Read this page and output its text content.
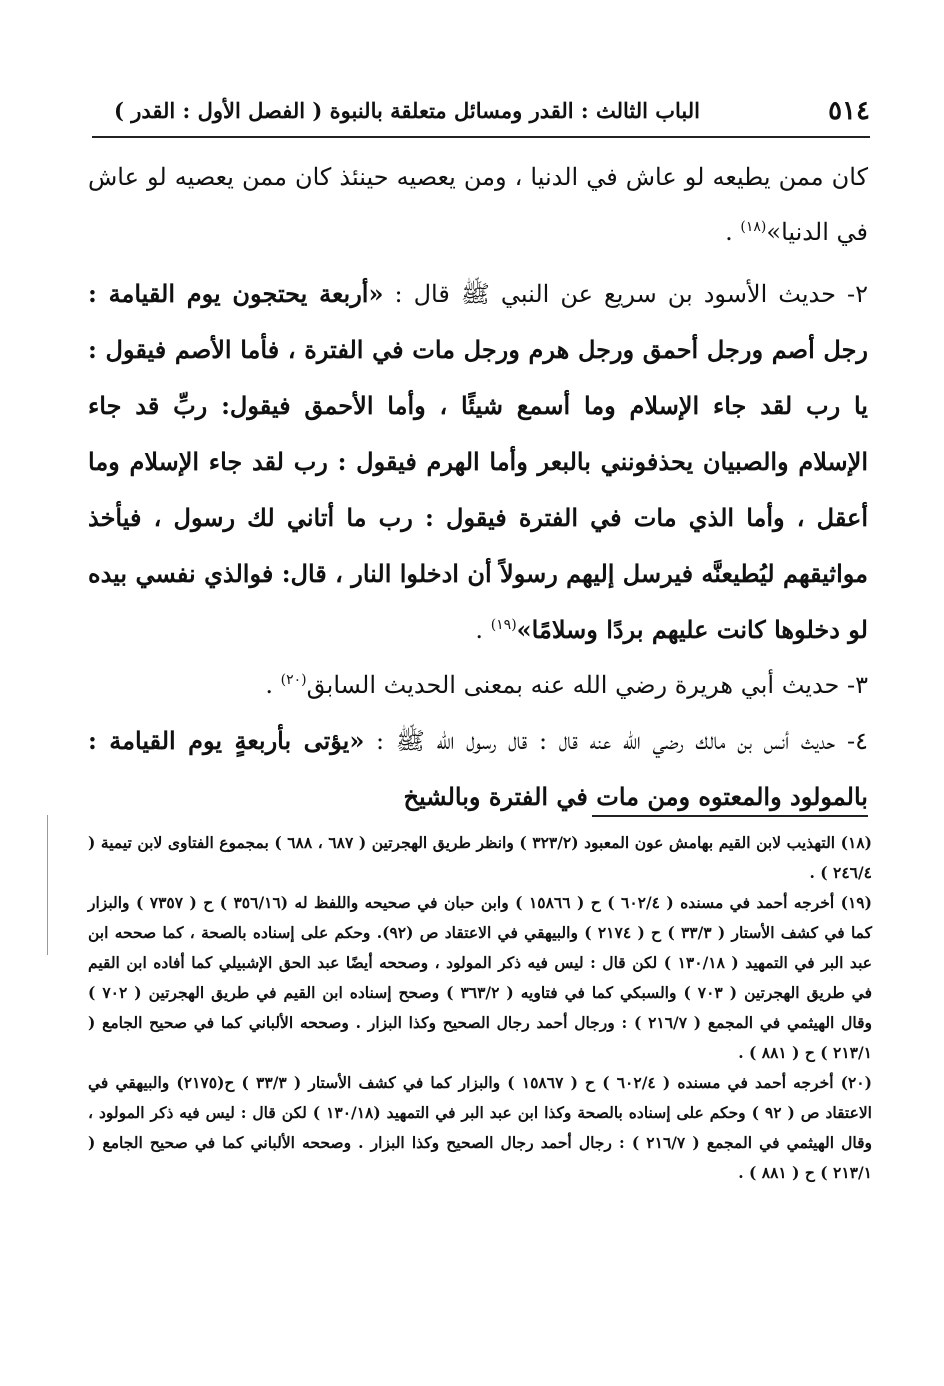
٥١٤
الباب الثالث : القدر ومسائل متعلقة بالنبوة ( الفصل الأول : القدر )

كان ممن يطيعه لو عاش في الدنيا ، ومن يعصيه حينئذ كان ممن يعصيه لو عاش في الدنيا»$^{(١٨)}$ .

٢- حديث الأسود بن سريع عن النبي ﷺ قال : «أربعة يحتجون يوم القيامة : رجل أصم ورجل أحمق ورجل هرم ورجل مات في الفترة ، فأما الأصم فيقول : يا رب لقد جاء الإسلام وما أسمع شيئًا ، وأما الأحمق فيقول: ربِّ قد جاء الإسلام والصبيان يحذفونني بالبعر وأما الهرم فيقول : رب لقد جاء الإسلام وما أعقل ، وأما الذي مات في الفترة فيقول : رب ما أتاني لك رسول ، فيأخذ مواثيقهم ليُطيعنَّه فيرسل إليهم رسولاً أن ادخلوا النار ، قال: فوالذي نفسي بيده لو دخلوها كانت عليهم بردًا وسلامًا»$^{(١٩)}$ .

٣- حديث أبي هريرة رضي الله عنه بمعنى الحديث السابق$^{(٢٠)}$ .

٤- حديث أنس بن مالك رضي الله عنه قال : قال رسول الله ﷺ : «يؤتى بأربعةٍ يوم القيامة : بالمولود والمعتوه ومن مات في الفترة وبالشيخ

(١٨) التهذيب لابن القيم بهامش عون المعبود (٣٢٣/٢ ) وانظر طريق الهجرتين ( ٦٨٧ ، ٦٨٨ ) بمجموع الفتاوى لابن تيمية ( ٢٤٦/٤ ) .

(١٩) أخرجه أحمد في مسنده ( ٦٠٢/٤ ) ح ( ١٥٨٦٦ ) وابن حبان في صحيحه واللفظ له (٣٥٦/١٦ ) ح ( ٧٣٥٧ ) والبزار كما في كشف الأستار ( ٣٣/٣ ) ح ( ٢١٧٤ ) والبيهقي في الاعتقاد ص (٩٢). وحكم على إسناده بالصحة ، كما صححه ابن عبد البر في التمهيد ( ١٣٠/١٨ ) لكن قال : ليس فيه ذكر المولود ، وصححه أيضًا عبد الحق الإشبيلي كما أفاده ابن القيم في طريق الهجرتين ( ٧٠٣ ) والسبكي كما في فتاويه ( ٣٦٣/٢ ) وصحح إسناده ابن القيم في طريق الهجرتين ( ٧٠٢ ) وقال الهيثمي في المجمع ( ٢١٦/٧ ) : ورجال أحمد رجال الصحيح وكذا البزار . وصححه الألباني كما في صحيح الجامع ( ٢١٣/١ ) ح ( ٨٨١ ) .

(٢٠) أخرجه أحمد في مسنده ( ٦٠٢/٤ ) ح ( ١٥٨٦٧ ) والبزار كما في كشف الأستار ( ٣٣/٣ ) ح(٢١٧٥) والبيهقي في الاعتقاد ص ( ٩٢ ) وحكم على إسناده بالصحة وكذا ابن عبد البر في التمهيد (١٣٠/١٨ ) لكن قال : ليس فيه ذكر المولود ، وقال الهيثمي في المجمع ( ٢١٦/٧ ) : رجال أحمد رجال الصحيح وكذا البزار . وصححه الألباني كما في صحيح الجامع ( ٢١٣/١ ) ح ( ٨٨١ ) .
